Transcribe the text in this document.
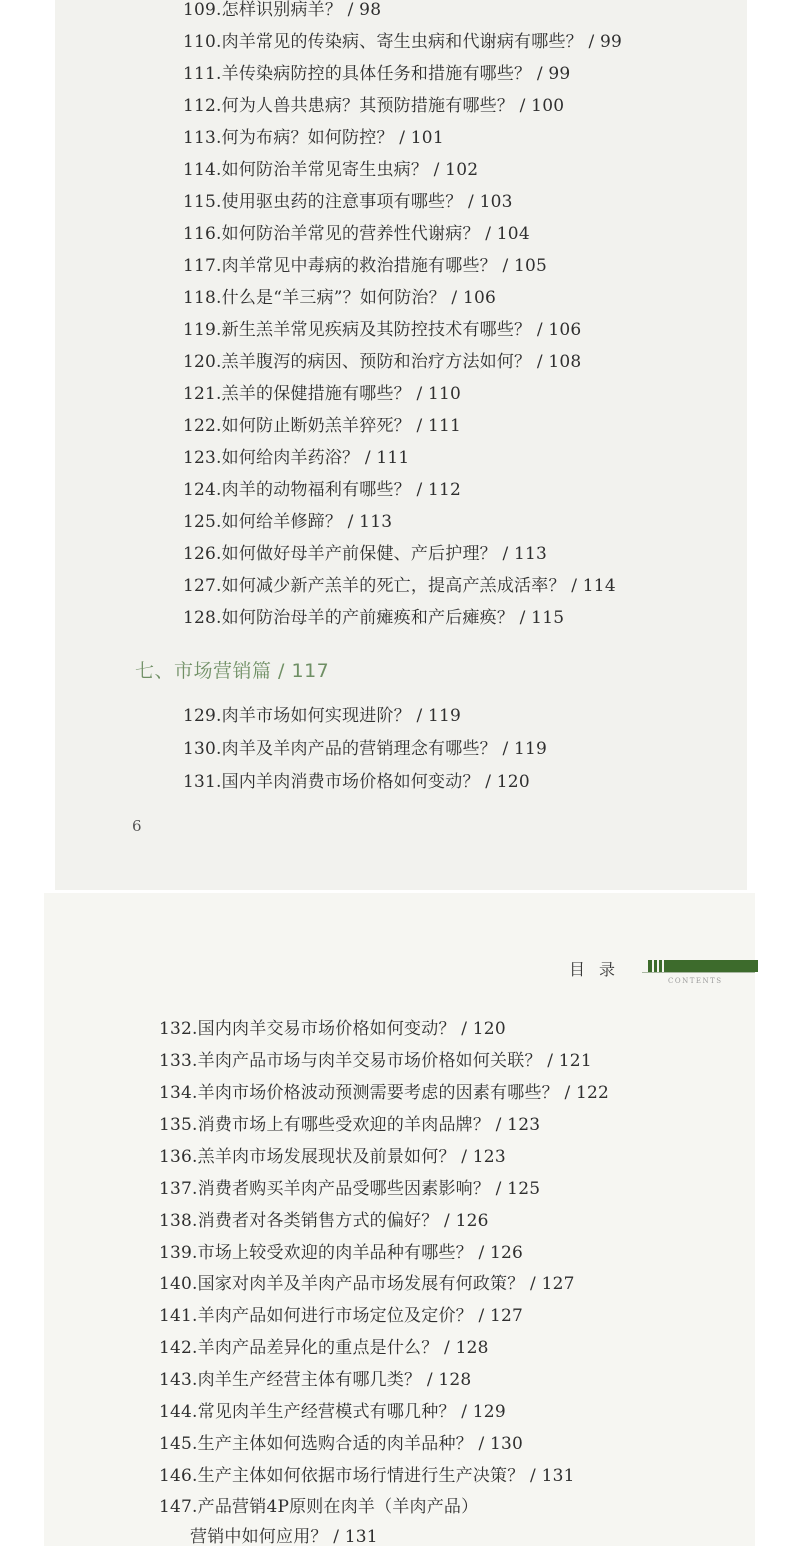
109.怎样识别病羊？ / 98
110.肉羊常见的传染病、寄生虫病和代谢病有哪些？ / 99
111.羊传染病防控的具体任务和措施有哪些？ / 99
112.何为人兽共患病？其预防措施有哪些？ / 100
113.何为布病？如何防控？ / 101
114.如何防治羊常见寄生虫病？ / 102
115.使用驱虫药的注意事项有哪些？ / 103
116.如何防治羊常见的营养性代谢病？ / 104
117.肉羊常见中毒病的救治措施有哪些？ / 105
118.什么是“羊三病”？如何防治？ / 106
119.新生羔羊常见疾病及其防控技术有哪些？ / 106
120.羔羊腹泻的病因、预防和治疗方法如何？ / 108
121.羔羊的保健措施有哪些？ / 110
122.如何防止断奶羔羊猝死？ / 111
123.如何给肉羊药浴？ / 111
124.肉羊的动物福利有哪些？ / 112
125.如何给羊修蹄？ / 113
126.如何做好母羊产前保健、产后护理？ / 113
127.如何减少新产羔羊的死亡，提高产羔成活率？ / 114
128.如何防治母羊的产前瘫痪和产后瘫痪？ / 115
七、市场营销篇 / 117
129.肉羊市场如何实现进阶？ / 119
130.肉羊及羊肉产品的营销理念有哪些？ / 119
131.国内羊肉消费市场价格如何变动？ / 120
6
目录
CONTENTS
132.国内肉羊交易市场价格如何变动？ / 120
133.羊肉产品市场与肉羊交易市场价格如何关联？ / 121
134.羊肉市场价格波动预测需要考虑的因素有哪些？ / 122
135.消费市场上有哪些受欢迎的羊肉品牌？ / 123
136.羔羊肉市场发展现状及前景如何？ / 123
137.消费者购买羊肉产品受哪些因素影响？ / 125
138.消费者对各类销售方式的偏好？ / 126
139.市场上较受欢迎的肉羊品种有哪些？ / 126
140.国家对肉羊及羊肉产品市场发展有何政策？ / 127
141.羊肉产品如何进行市场定位及定价？ / 127
142.羊肉产品差异化的重点是什么？ / 128
143.肉羊生产经营主体有哪几类？ / 128
144.常见肉羊生产经营模式有哪几种？ / 129
145.生产主体如何选购合适的肉羊品种？ / 130
146.生产主体如何依据市场行情进行生产决策？ / 131
147.产品营销4P原则在肉羊（羊肉产品）
营销中如何应用？ / 131
